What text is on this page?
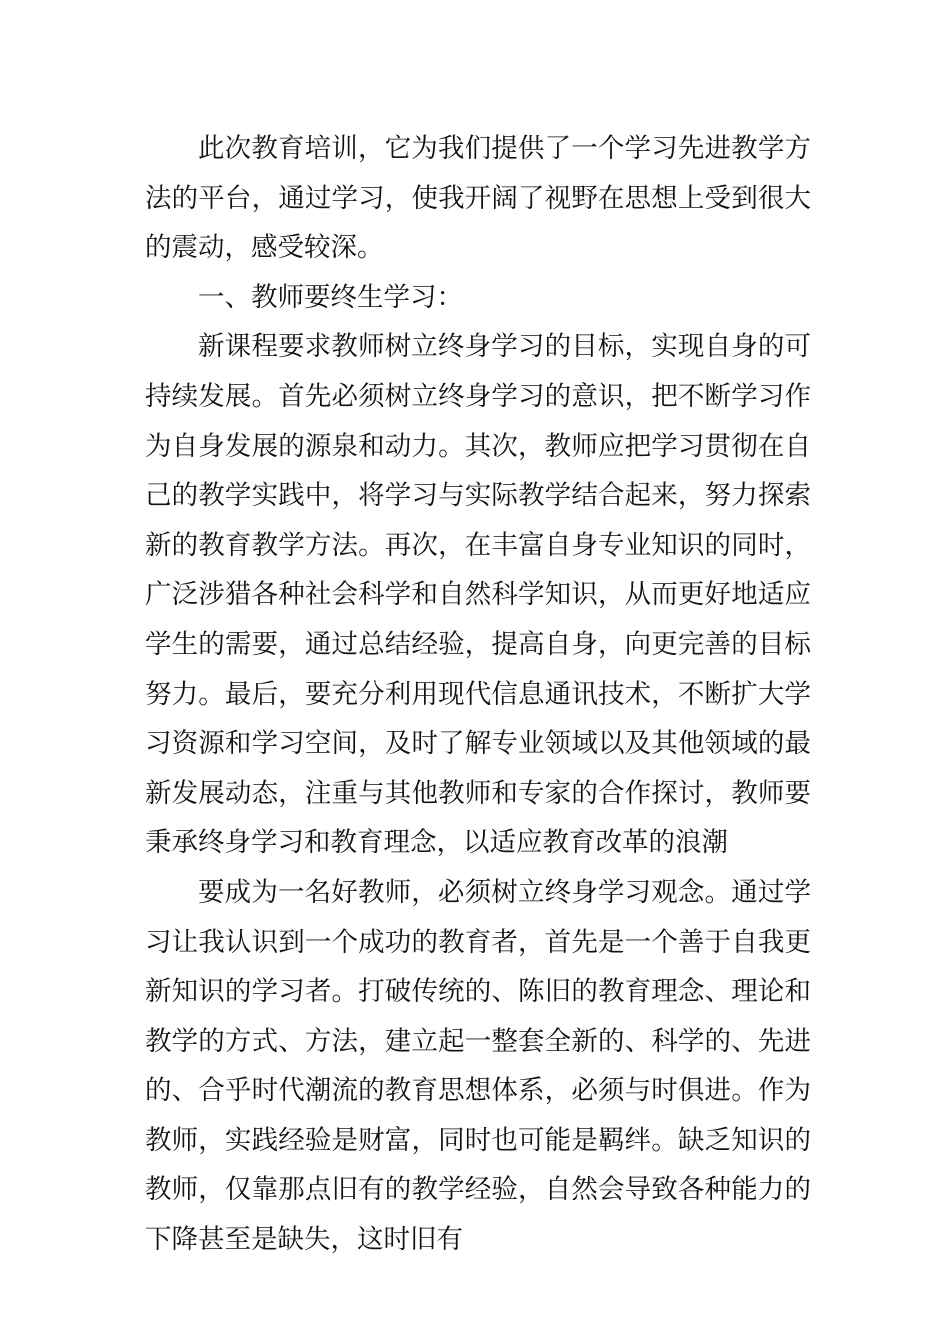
此次教育培训，它为我们提供了一个学习先进教学方法的平台，通过学习，使我开阔了视野在思想上受到很大的震动，感受较深。

一、教师要终生学习：

新课程要求教师树立终身学习的目标，实现自身的可持续发展。首先必须树立终身学习的意识，把不断学习作为自身发展的源泉和动力。其次，教师应把学习贯彻在自己的教学实践中，将学习与实际教学结合起来，努力探索新的教育教学方法。再次，在丰富自身专业知识的同时，广泛涉猎各种社会科学和自然科学知识，从而更好地适应学生的需要，通过总结经验，提高自身，向更完善的目标努力。最后，要充分利用现代信息通讯技术，不断扩大学习资源和学习空间，及时了解专业领域以及其他领域的最新发展动态，注重与其他教师和专家的合作探讨，教师要秉承终身学习和教育理念，以适应教育改革的浪潮

要成为一名好教师，必须树立终身学习观念。通过学习让我认识到一个成功的教育者，首先是一个善于自我更新知识的学习者。打破传统的、陈旧的教育理念、理论和教学的方式、方法，建立起一整套全新的、科学的、先进的、合乎时代潮流的教育思想体系，必须与时俱进。作为教师，实践经验是财富，同时也可能是羁绊。缺乏知识的教师，仅靠那点旧有的教学经验，自然会导致各种能力的下降甚至是缺失，这时旧有
